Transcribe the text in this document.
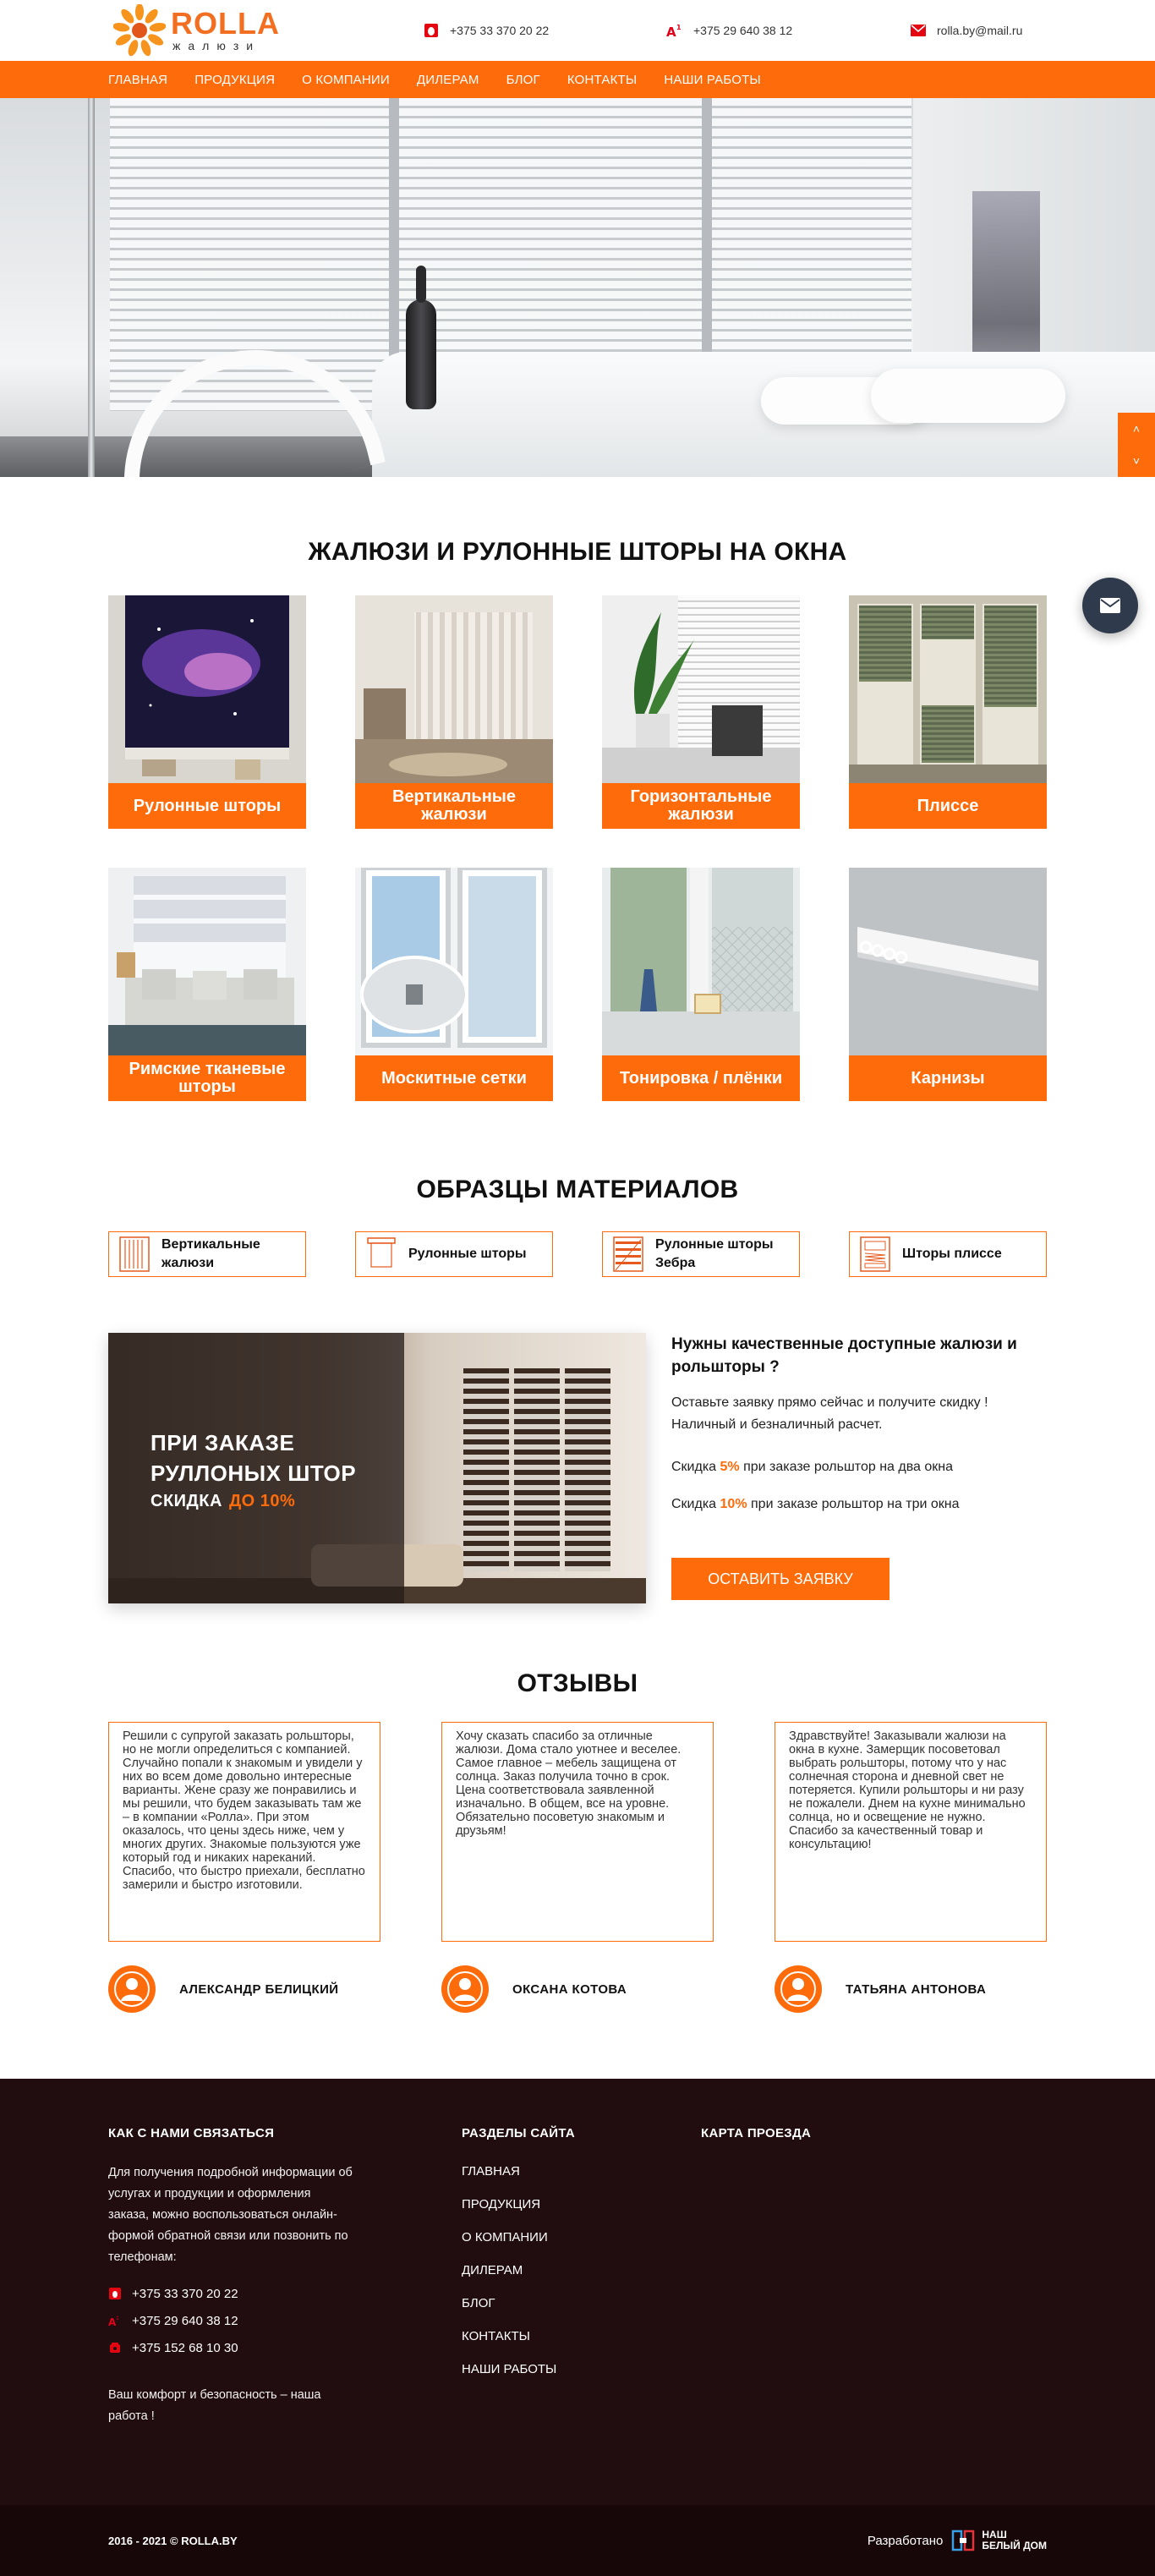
ROLLA
жалюзи
+375 33 370 20 22	A 1 +375 29 640 38 12	rolla.by@mail.ru
ГЛАВНАЯ ПРОДУКЦИЯ О КОМПАНИИ ДИЛЕРАМ БЛОГ КОНТАКТЫ НАШИ РАБОТЫ
˄
˅
ЖАЛЮЗИ И РУЛОННЫЕ ШТОРЫ НА ОКНА
Рулонные шторы	Вертикальные жалюзи
Горизонтальные жалюзи	Плиссе
Римские тканевые шторы	Москитные сетки	Тонировка / плёнки	Карнизы
ОБРАЗЦЫ МАТЕРИАЛОВ
Вертикальные жалюзи
Рулонные шторы
Рулонные шторы Зебра
Шторы плиссе
ПРИ ЗАКАЗЕ
РУЛЛОНЫХ ШТОР
СКИДКА ДО 10%
Нужны качественные доступные жалюзи и рольшторы ?

Оставьте заявку прямо сейчас и получите скидку ! Наличный и безналичный расчет.

Скидка 5% при заказе рольштор на два окна

Скидка 10% при заказе рольштор на три окна

ОСТАВИТЬ ЗАЯВКУ
ОТЗЫВЫ
Решили с супругой заказать рольшторы, но не могли определиться с компанией. Случайно попали к знакомым и увидели у них во всем доме довольно интересные варианты. Жене сразу же понравились и мы решили, что будем заказывать там же – в компании «Ролла». При этом оказалось, что цены здесь ниже, чем у многих других. Знакомые пользуются уже который год и никаких нареканий. Спасибо, что быстро приехали, бесплатно замерили и быстро изготовили.
АЛЕКСАНДР БЕЛИЦКИЙ
Хочу сказать спасибо за отличные жалюзи. Дома стало уютнее и веселее. Самое главное – мебель защищена от солнца. Заказ получила точно в срок. Цена соответствовала заявленной изначально. В общем, все на уровне. Обязательно посоветую знакомым и друзьям!
ОКСАНА КОТОВА
Здравствуйте! Заказывали жалюзи на окна в кухне. Замерщик посоветовал выбрать рольшторы, потому что у нас солнечная сторона и дневной свет не потеряется. Купили рольшторы и ни разу не пожалели. Днем на кухне минимально солнца, но и освещение не нужно. Спасибо за качественный товар и консультацию!
ТАТЬЯНА АНТОНОВА
КАК С НАМИ СВЯЗАТЬСЯ

Для получения подробной информации об услугах и продукции и оформления заказа, можно воспользоваться онлайн-формой обратной связи или позвонить по телефонам:

+375 33 370 20 22
A 1 +375 29 640 38 12
+375 152 68 10 30

Ваш комфорт и безопасность – наша работа !

РАЗДЕЛЫ САЙТА
ГЛАВНАЯ
ПРОДУКЦИЯ
О КОМПАНИИ
ДИЛЕРАМ
БЛОГ
КОНТАКТЫ
НАШИ РАБОТЫ
КАРТА ПРОЕЗДА
2016 - 2021 © ROLLA.BY	Разработано	НАШ
БЕЛЫЙ ДОМ
